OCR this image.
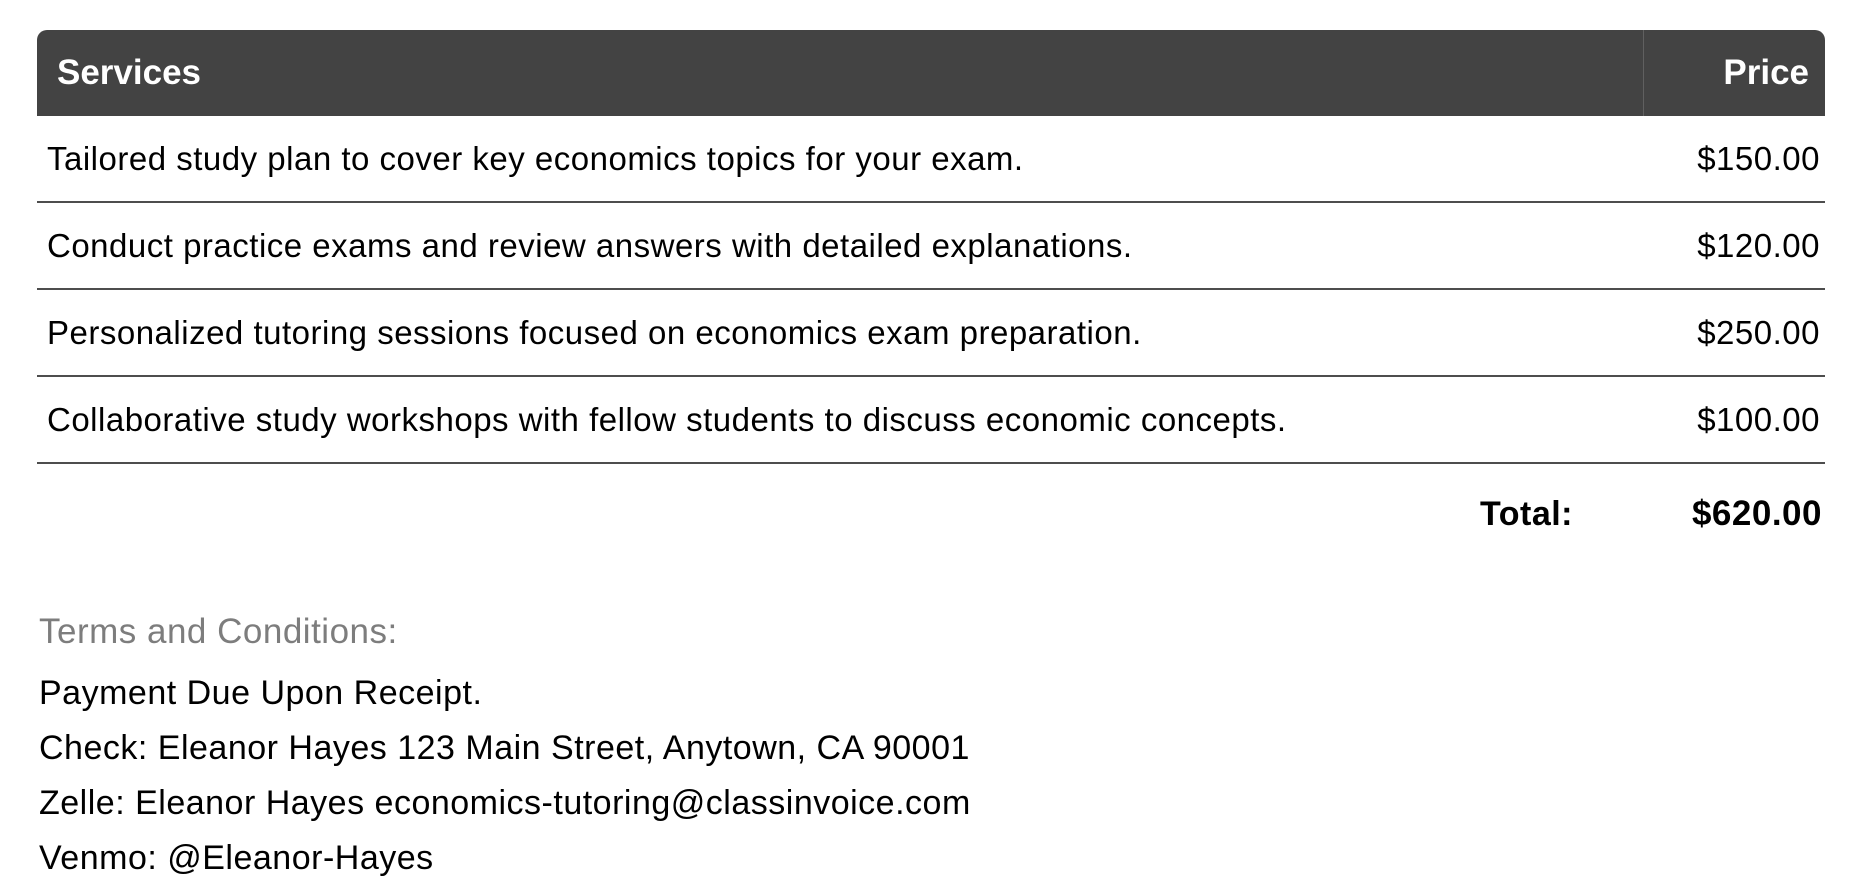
Services	Price
Tailored study plan to cover key economics topics for your exam.	$150.00
Conduct practice exams and review answers with detailed explanations.	$120.00
Personalized tutoring sessions focused on economics exam preparation.	$250.00
Collaborative study workshops with fellow students to discuss economic concepts.	$100.00
Total:	$620.00
Terms and Conditions:
Payment Due Upon Receipt.
Check: Eleanor Hayes 123 Main Street, Anytown, CA 90001
Zelle: Eleanor Hayes economics-tutoring@classinvoice.com
Venmo: @Eleanor-Hayes
